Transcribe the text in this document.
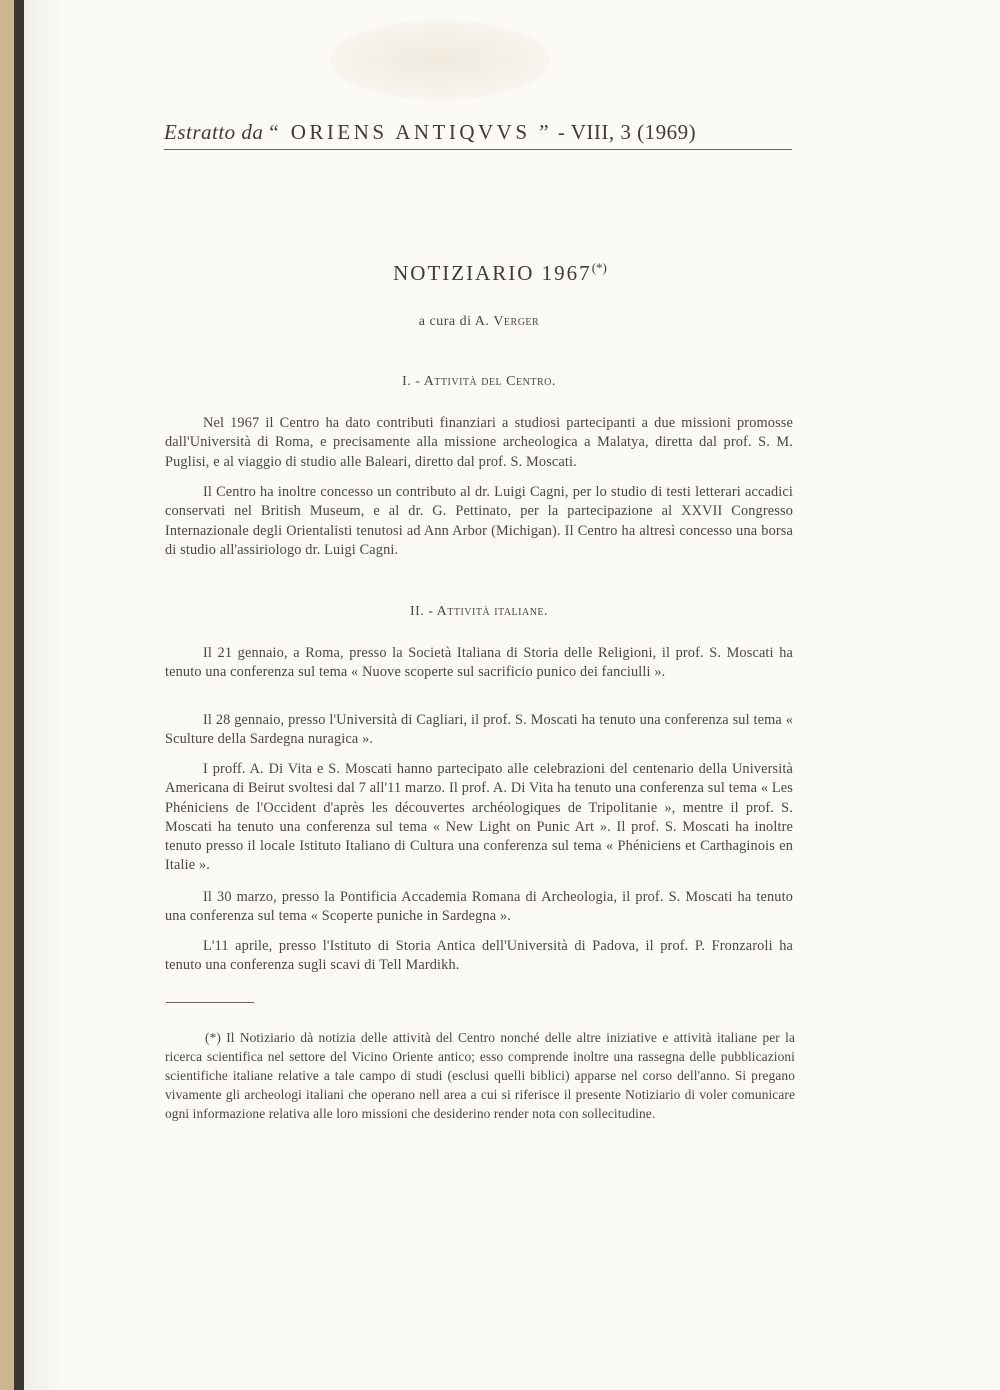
Estratto da “ ORIENS ANTIQVVS ” - VIII, 3 (1969)
NOTIZIARIO 1967(*)
a cura di A. Verger
I. - Attività del Centro.

Nel 1967 il Centro ha dato contributi finanziari a studiosi partecipanti a due missioni promosse dall'Università di Roma, e precisamente alla missione archeologica a Malatya, diretta dal prof. S. M. Puglisi, e al viaggio di studio alle Baleari, diretto dal prof. S. Moscati.

Il Centro ha inoltre concesso un contributo al dr. Luigi Cagni, per lo studio di testi letterari accadici conservati nel British Museum, e al dr. G. Pettinato, per la partecipazione al XXVII Congresso Internazionale degli Orientalisti tenutosi ad Ann Arbor (Michigan). Il Centro ha altresì concesso una borsa di studio all'assiriologo dr. Luigi Cagni.

II. - Attività italiane.

Il 21 gennaio, a Roma, presso la Società Italiana di Storia delle Religioni, il prof. S. Moscati ha tenuto una conferenza sul tema « Nuove scoperte sul sacrificio punico dei fanciulli ».

Il 28 gennaio, presso l'Università di Cagliari, il prof. S. Moscati ha tenuto una conferenza sul tema « Sculture della Sardegna nuragica ».

I proff. A. Di Vita e S. Moscati hanno partecipato alle celebrazioni del centenario della Università Americana di Beirut svoltesi dal 7 all'11 marzo. Il prof. A. Di Vita ha tenuto una conferenza sul tema « Les Phéniciens de l'Occident d'après les découvertes archéologiques de Tripolitanie », mentre il prof. S. Moscati ha tenuto una conferenza sul tema « New Light on Punic Art ». Il prof. S. Moscati ha inoltre tenuto presso il locale Istituto Italiano di Cultura una conferenza sul tema « Phéniciens et Carthaginois en Italie ».

Il 30 marzo, presso la Pontificia Accademia Romana di Archeologia, il prof. S. Moscati ha tenuto una conferenza sul tema « Scoperte puniche in Sardegna ».

L'11 aprile, presso l'Istituto di Storia Antica dell'Università di Padova, il prof. P. Fronzaroli ha tenuto una conferenza sugli scavi di Tell Mardikh.

(*) Il Notiziario dà notizia delle attività del Centro nonché delle altre iniziative e attività italiane per la ricerca scientifica nel settore del Vicino Oriente antico; esso comprende inoltre una rassegna delle pubblicazioni scientifiche italiane relative a tale campo di studi (esclusi quelli biblici) apparse nel corso dell'anno. Si pregano vivamente gli archeologi italiani che operano nell area a cui si riferisce il presente Notiziario di voler comunicare ogni informazione relativa alle loro missioni che desiderino render nota con sollecitudine.
